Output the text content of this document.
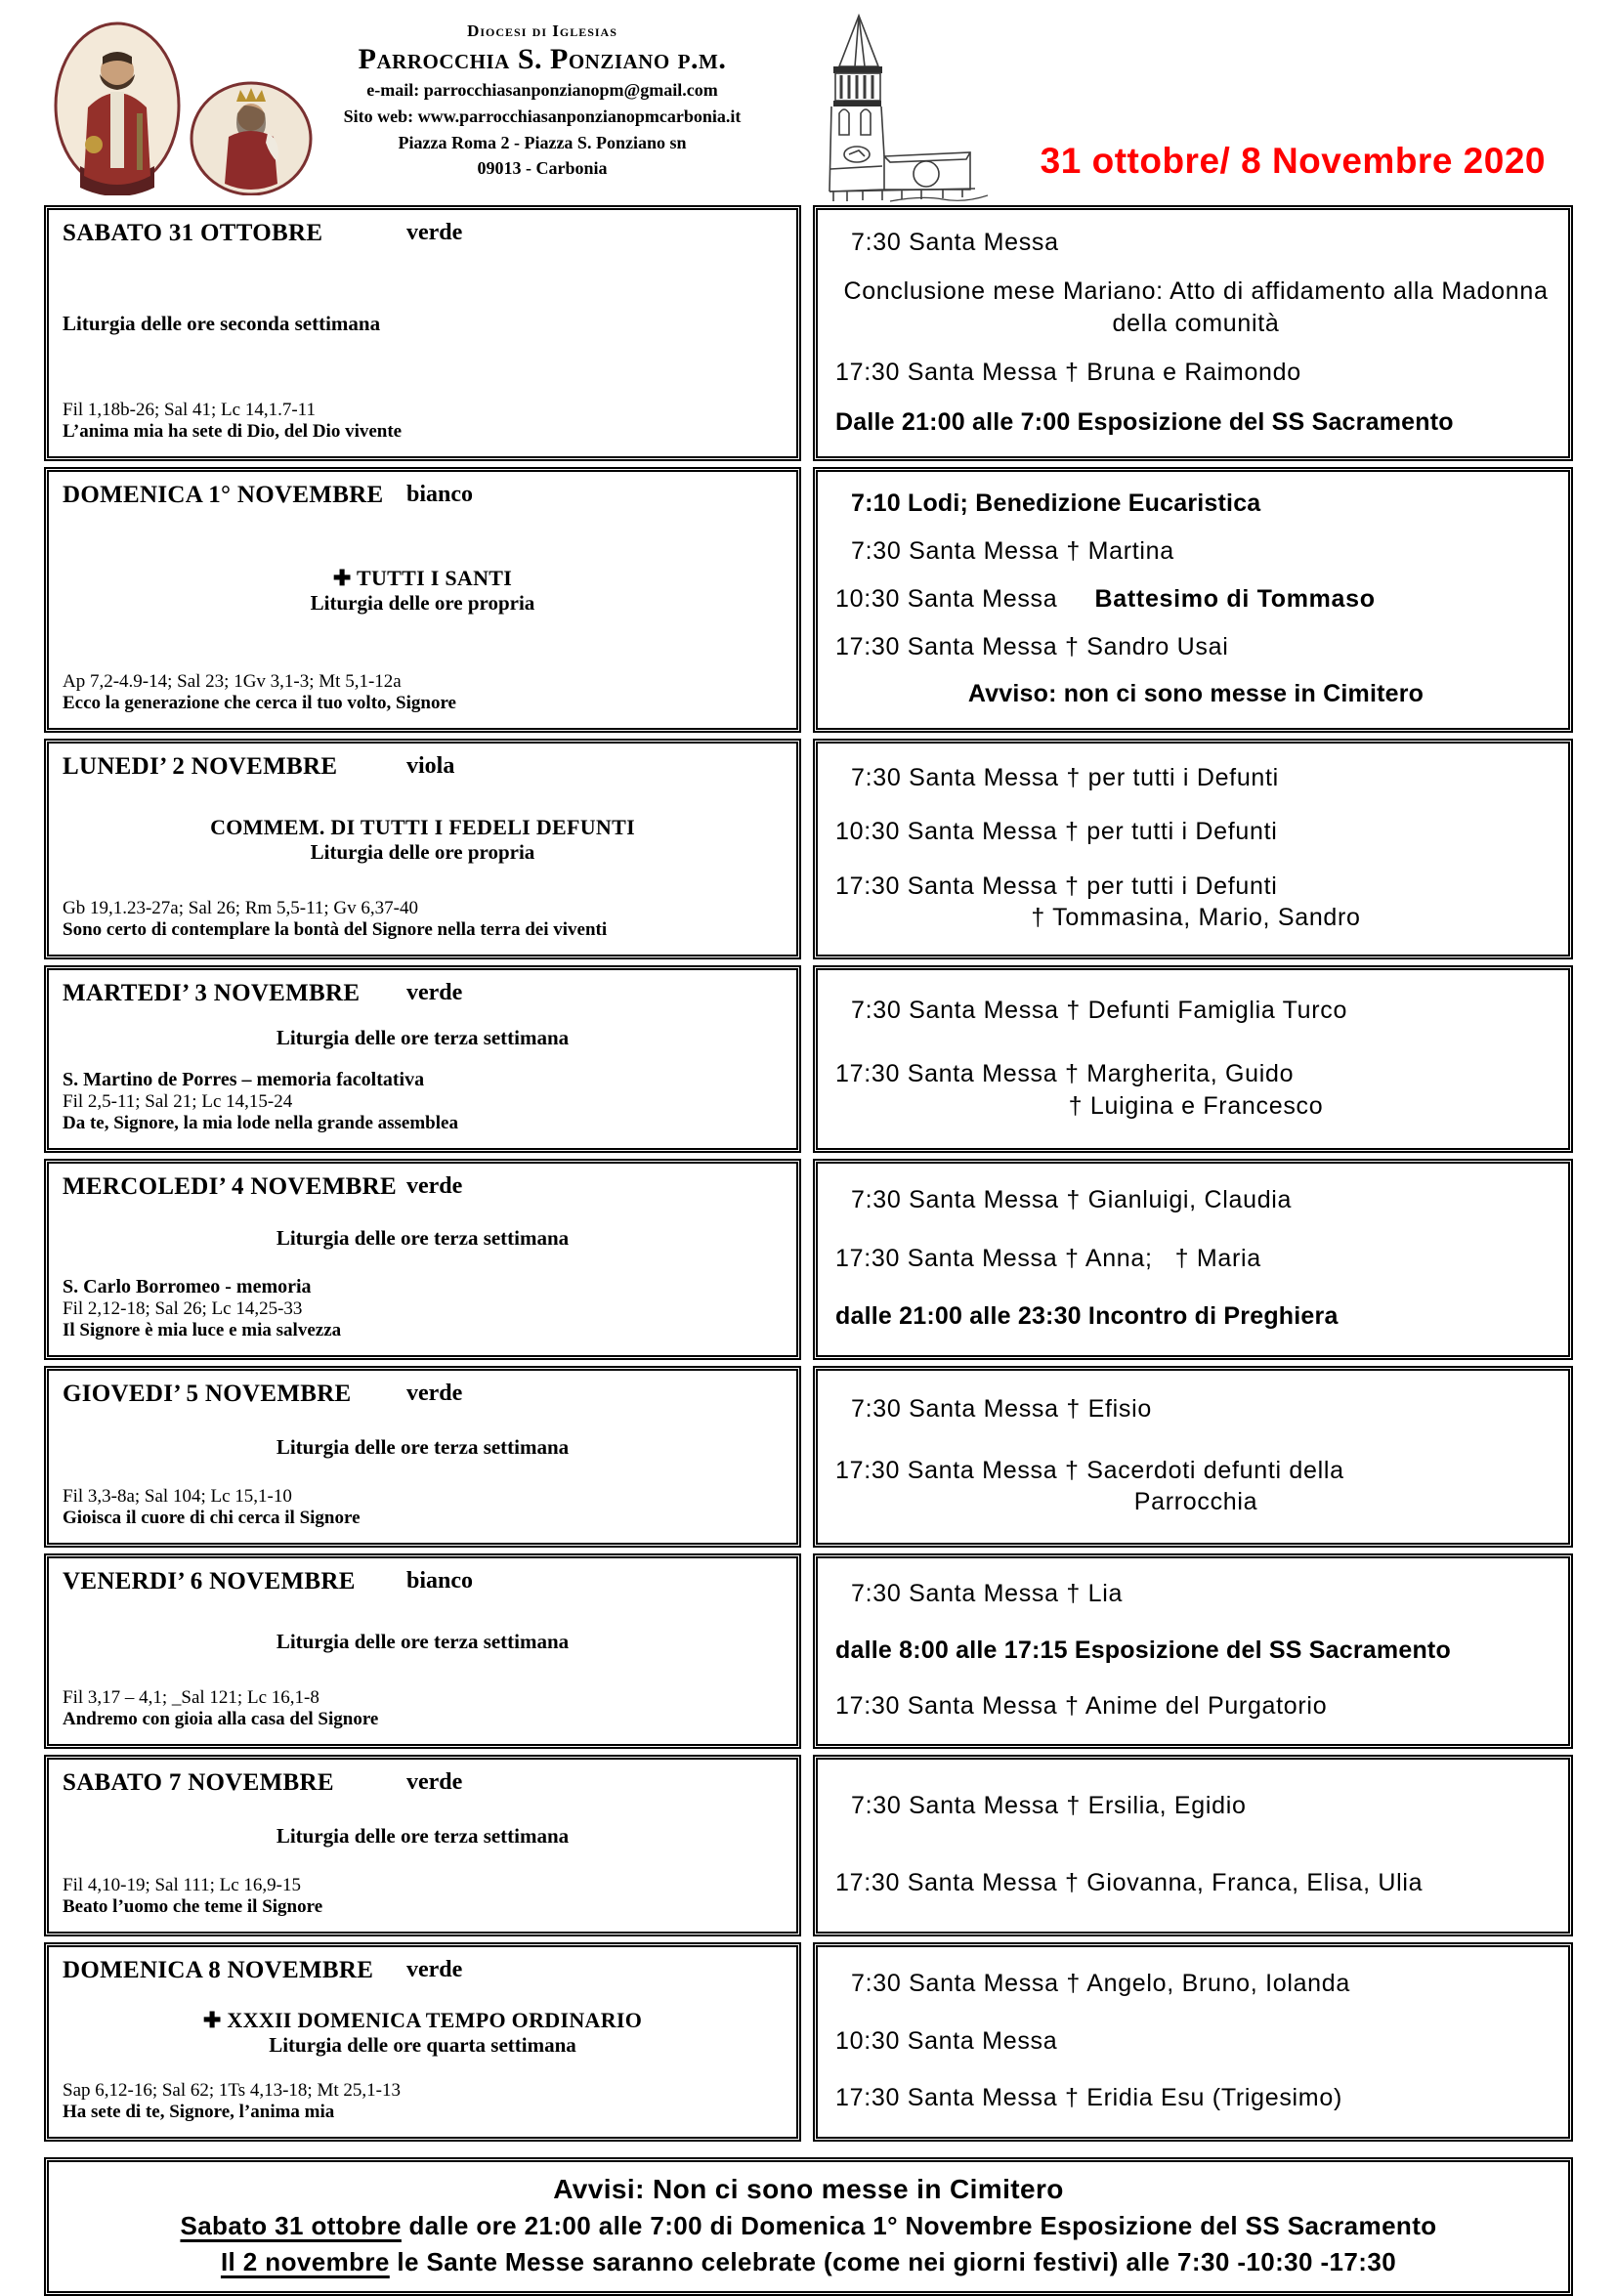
Diocesi di Iglesias
Parrocchia S. Ponziano p.m.
e-mail: parrocchiasanponzianopm@gmail.com
Sito web: www.parrocchiasanponzianopmcarbonia.it
Piazza Roma 2 - Piazza S. Ponziano sn
09013 - Carbonia	31 ottobre/ 8 Novembre 2020
SABATO 31 OTTOBRE	verde
Liturgia delle ore seconda settimana
Fil 1,18b-26; Sal 41; Lc 14,1.7-11
L’anima mia ha sete di Dio, del Dio vivente
7:30 Santa Messa
Conclusione mese Mariano: Atto di affidamento alla Madonna della comunità
17:30 Santa Messa † Bruna e Raimondo
Dalle 21:00 alle 7:00 Esposizione del SS Sacramento
DOMENICA 1° NOVEMBRE bianco
✚ TUTTI I SANTI
Liturgia delle ore propria
Ap 7,2-4.9-14; Sal 23; 1Gv 3,1-3; Mt 5,1-12a
Ecco la generazione che cerca il tuo volto, Signore
7:10 Lodi; Benedizione Eucaristica
7:30 Santa Messa † Martina
10:30 Santa Messa     Battesimo di Tommaso
17:30 Santa Messa † Sandro Usai
Avviso: non ci sono messe in Cimitero
LUNEDI’ 2 NOVEMBRE	viola
COMMEM. DI TUTTI I FEDELI DEFUNTI
Liturgia delle ore propria
Gb 19,1.23-27a; Sal 26; Rm 5,5-11; Gv 6,37-40
Sono certo di contemplare la bontà del Signore nella terra dei viventi
7:30 Santa Messa † per tutti i Defunti
10:30 Santa Messa † per tutti i Defunti
17:30 Santa Messa † per tutti i Defunti
† Tommasina, Mario, Sandro
MARTEDI’ 3 NOVEMBRE verde
Liturgia delle ore terza settimana
S. Martino de Porres – memoria facoltativa
Fil 2,5-11; Sal 21; Lc 14,15-24
Da te, Signore, la mia lode nella grande assemblea
7:30 Santa Messa † Defunti Famiglia Turco
17:30 Santa Messa † Margherita, Guido
† Luigina e Francesco
MERCOLEDI’ 4 NOVEMBRE verde
Liturgia delle ore terza settimana
S. Carlo Borromeo - memoria
Fil 2,12-18; Sal 26; Lc 14,25-33
Il Signore è mia luce e mia salvezza
7:30 Santa Messa † Gianluigi, Claudia
17:30 Santa Messa † Anna;   † Maria
dalle 21:00 alle 23:30 Incontro di Preghiera
GIOVEDI’ 5 NOVEMBRE verde
Liturgia delle ore terza settimana
Fil 3,3-8a; Sal 104; Lc 15,1-10
Gioisca il cuore di chi cerca il Signore
7:30 Santa Messa † Efisio
17:30 Santa Messa † Sacerdoti defunti della
Parrocchia
VENERDI’ 6 NOVEMBRE bianco
Liturgia delle ore terza settimana
Fil 3,17 – 4,1; _Sal 121; Lc 16,1-8
Andremo con gioia alla casa del Signore
7:30 Santa Messa † Lia
dalle 8:00 alle 17:15 Esposizione del SS Sacramento
17:30 Santa Messa † Anime del Purgatorio
SABATO 7 NOVEMBRE	verde
Liturgia delle ore terza settimana
Fil 4,10-19; Sal 111; Lc 16,9-15
Beato l’uomo che teme il Signore
7:30 Santa Messa † Ersilia, Egidio
17:30 Santa Messa † Giovanna, Franca, Elisa, Ulia
DOMENICA 8 NOVEMBRE verde
✚ XXXII DOMENICA TEMPO ORDINARIO
Liturgia delle ore quarta settimana
Sap 6,12-16; Sal 62; 1Ts 4,13-18; Mt 25,1-13
Ha sete di te, Signore, l’anima mia
7:30 Santa Messa † Angelo, Bruno, Iolanda
10:30 Santa Messa
17:30 Santa Messa † Eridia Esu (Trigesimo)
Avvisi: Non ci sono messe in Cimitero
Sabato 31 ottobre dalle ore 21:00 alle 7:00 di Domenica 1° Novembre Esposizione del SS Sacramento
Il 2 novembre le Sante Messe saranno celebrate (come nei giorni festivi) alle 7:30 -10:30 -17:30
